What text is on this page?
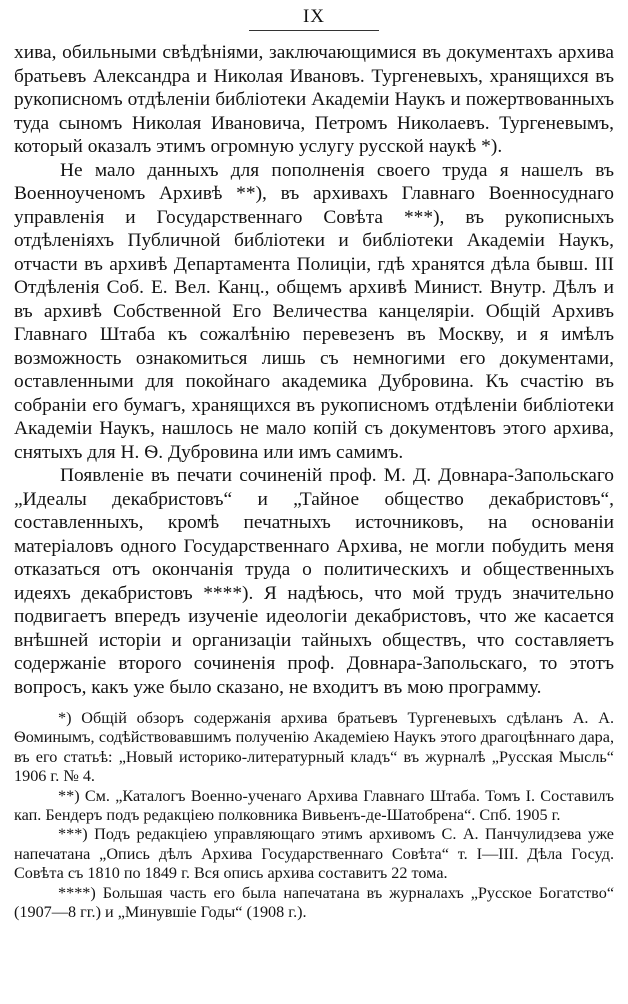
IX

хива, обильными свѣдѣніями, заключающимися въ документахъ архива братьевъ Александра и Николая Ивановъ. Тургеневыхъ, хранящихся въ рукописномъ отдѣленіи библіотеки Академіи Наукъ и пожертвованныхъ туда сыномъ Николая Ивановича, Петромъ Николаевъ. Тургеневымъ, который оказалъ этимъ огромную услугу русской наукѣ *).

Не мало данныхъ для пополненія своего труда я нашелъ въ Военноученомъ Архивѣ **), въ архивахъ Главнаго Военносуднаго управленія и Государственнаго Совѣта ***), въ рукописныхъ отдѣленіяхъ Публичной библіотеки и библіотеки Академіи Наукъ, отчасти въ архивѣ Департамента Полиціи, гдѣ хранятся дѣла бывш. III Отдѣленія Соб. Е. Вел. Канц., общемъ архивѣ Минист. Внутр. Дѣлъ и въ архивѣ Собственной Его Величества канцеляріи. Общій Архивъ Главнаго Штаба къ сожалѣнію перевезенъ въ Москву, и я имѣлъ возможность ознакомиться лишь съ немногими его документами, оставленными для покойнаго академика Дубровина. Къ счастію въ собраніи его бумагъ, хранящихся въ рукописномъ отдѣленіи библіотеки Академіи Наукъ, нашлось не мало копій съ документовъ этого архива, снятыхъ для Н. Ѳ. Дубровина или имъ самимъ.

Появленіе въ печати сочиненій проф. М. Д. Довнара-Запольскаго „Идеалы декабристовъ“ и „Тайное общество декабристовъ“, составленныхъ, кромѣ печатныхъ источниковъ, на основаніи матеріаловъ одного Государственнаго Архива, не могли побудить меня отказаться отъ окончанія труда о политическихъ и общественныхъ идеяхъ декабристовъ ****). Я надѣюсь, что мой трудъ значительно подвигаетъ впередъ изученіе идеологіи декабристовъ, что же касается внѣшней исторіи и организаціи тайныхъ обществъ, что составляетъ содержаніе второго сочиненія проф. Довнара-Запольскаго, то этотъ вопросъ, какъ уже было сказано, не входитъ въ мою программу.

*) Общій обзоръ содержанія архива братьевъ Тургеневыхъ сдѣланъ А. А. Ѳоминымъ, содѣйствовавшимъ полученію Академіею Наукъ этого драгоцѣннаго дара, въ его статьѣ: „Новый историко-литературный кладъ“ въ журналѣ „Русская Мысль“ 1906 г. № 4.

**) См. „Каталогъ Военно-ученаго Архива Главнаго Штаба. Томъ I. Составилъ кап. Бендеръ подъ редакціею полковника Вивьенъ-де-Шатобрена“. Спб. 1905 г.

***) Подъ редакціею управляющаго этимъ архивомъ С. А. Панчулидзева уже напечатана „Опись дѣлъ Архива Государственнаго Совѣта“ т. I—III. Дѣла Госуд. Совѣта съ 1810 по 1849 г. Вся опись архива составитъ 22 тома.

****) Большая часть его была напечатана въ журналахъ „Русское Богатство“ (1907—8 гг.) и „Минувшіе Годы“ (1908 г.).
